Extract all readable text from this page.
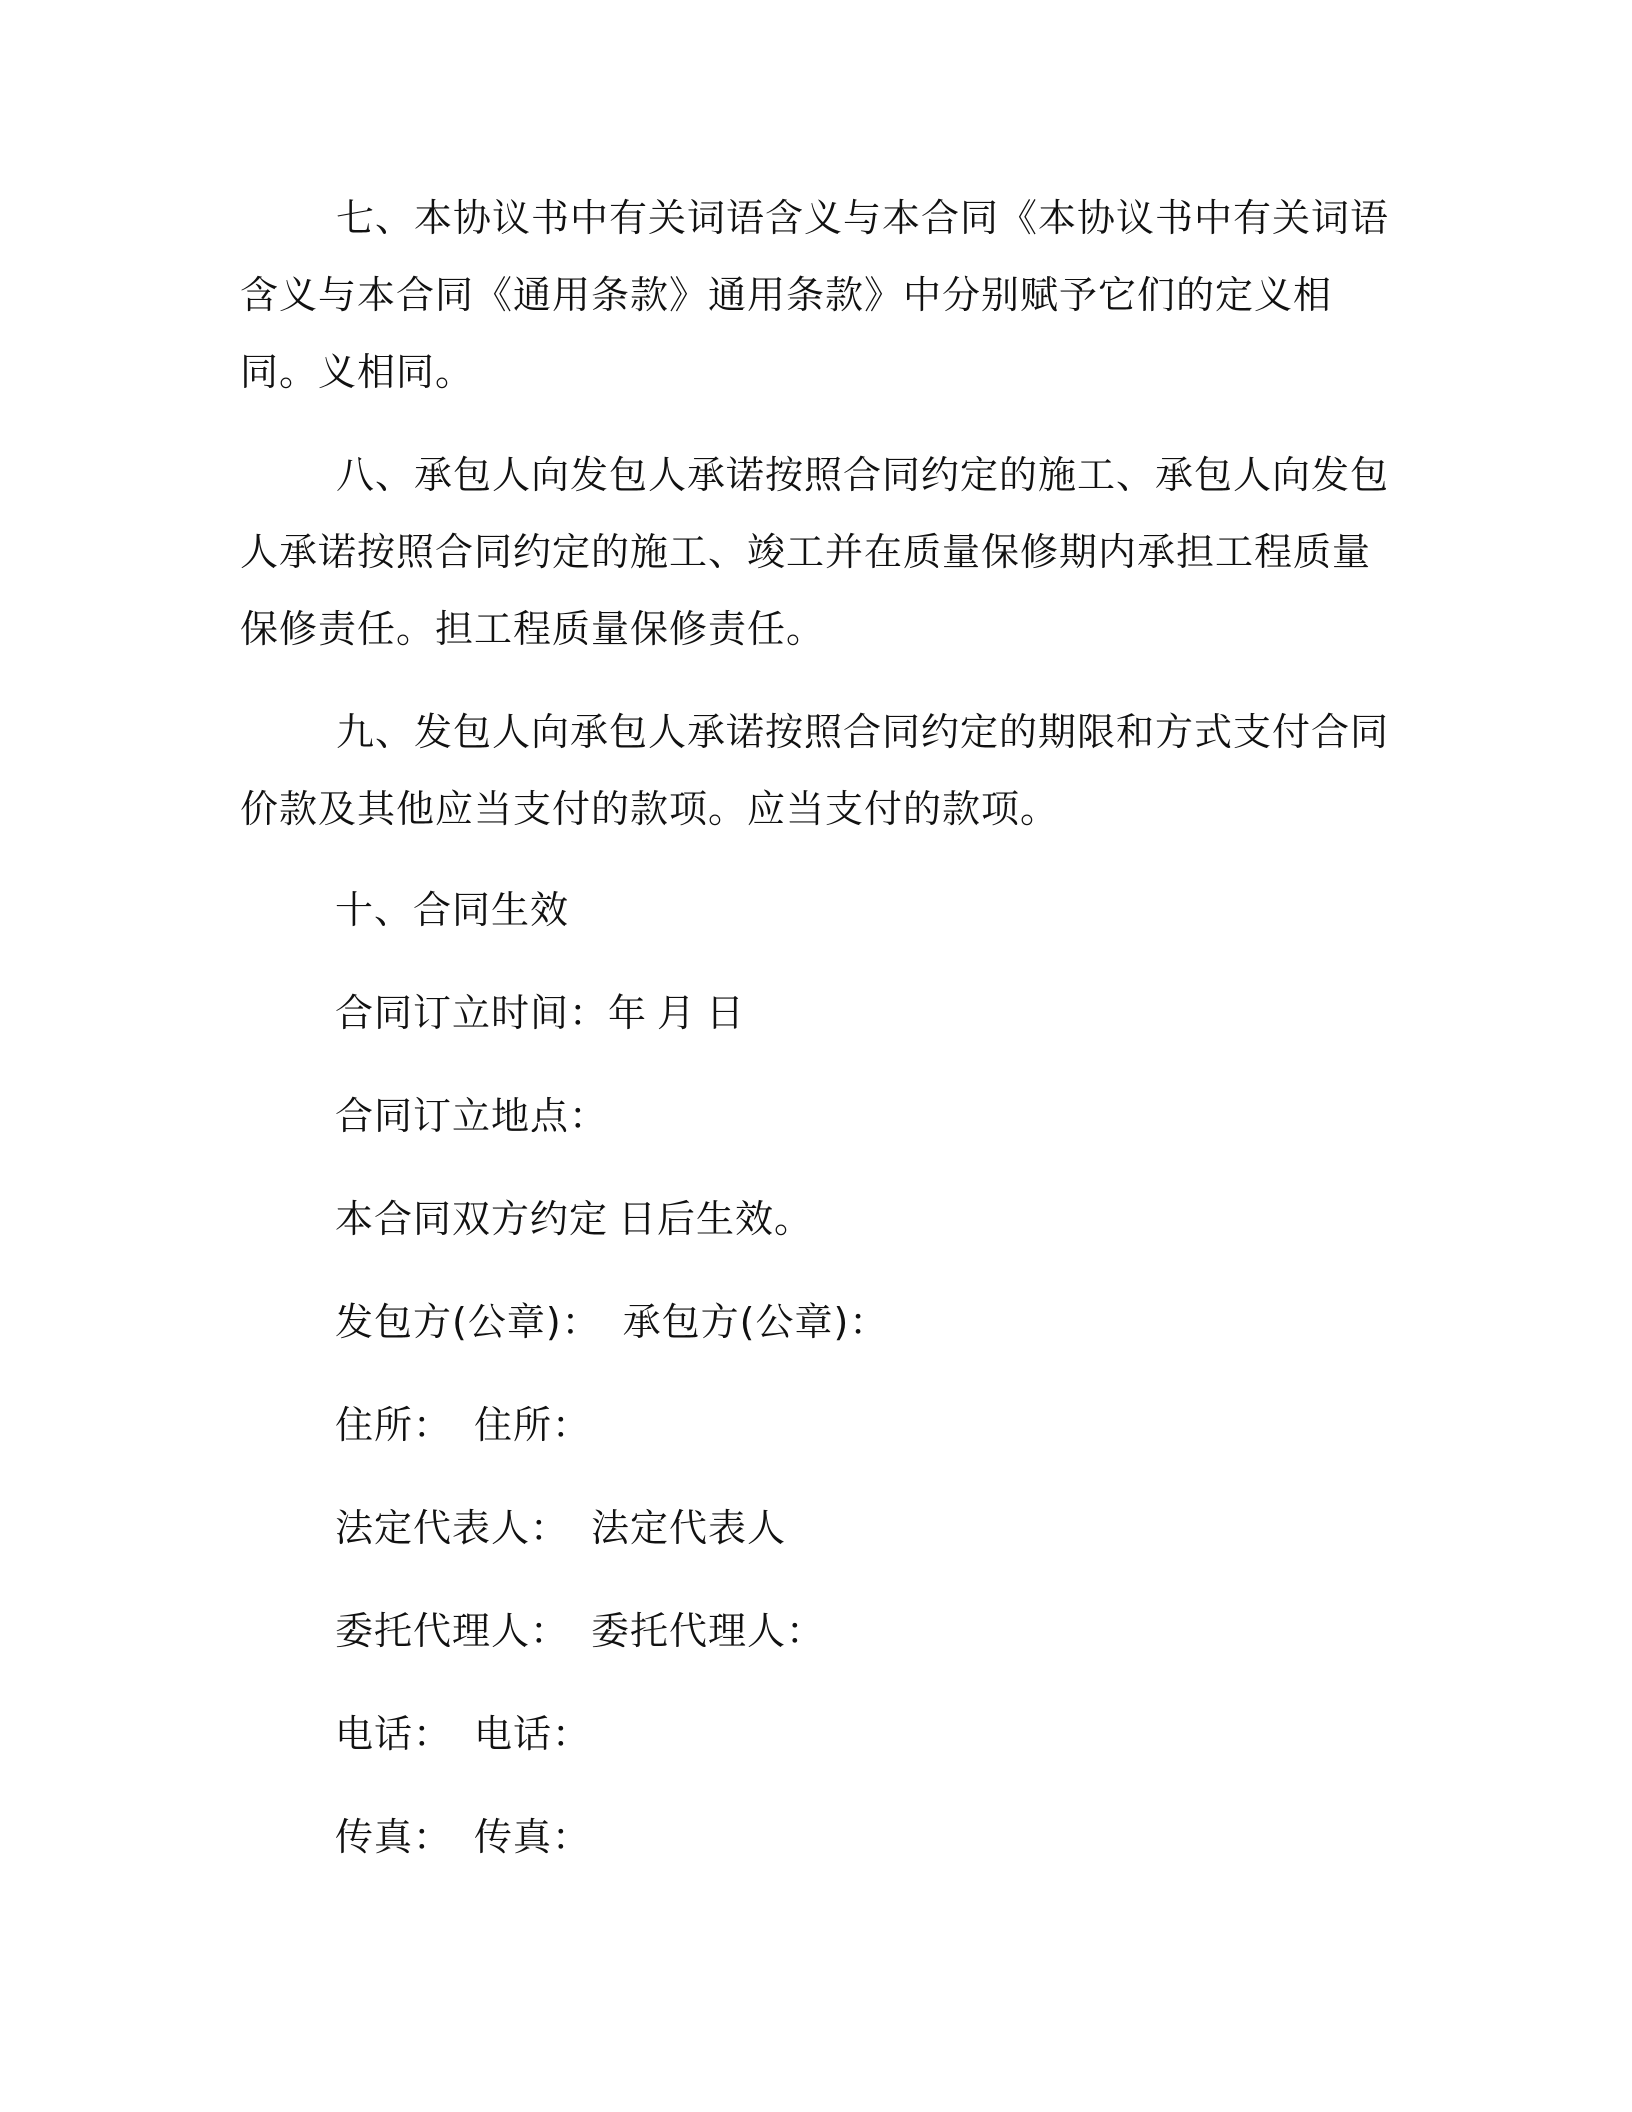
七、本协议书中有关词语含义与本合同《本协议书中有关词语含义与本合同《通用条款》通用条款》中分别赋予它们的定义相同。义相同。

八、承包人向发包人承诺按照合同约定的施工、承包人向发包人承诺按照合同约定的施工、竣工并在质量保修期内承担工程质量保修责任。担工程质量保修责任。

九、发包人向承包人承诺按照合同约定的期限和方式支付合同价款及其他应当支付的款项。应当支付的款项。

十、合同生效

合同订立时间：年 月 日

合同订立地点：

本合同双方约定 日后生效。

发包方(公章)： 承包方(公章)：

住所： 住所：

法定代表人： 法定代表人

委托代理人： 委托代理人：

电话： 电话：

传真： 传真：
